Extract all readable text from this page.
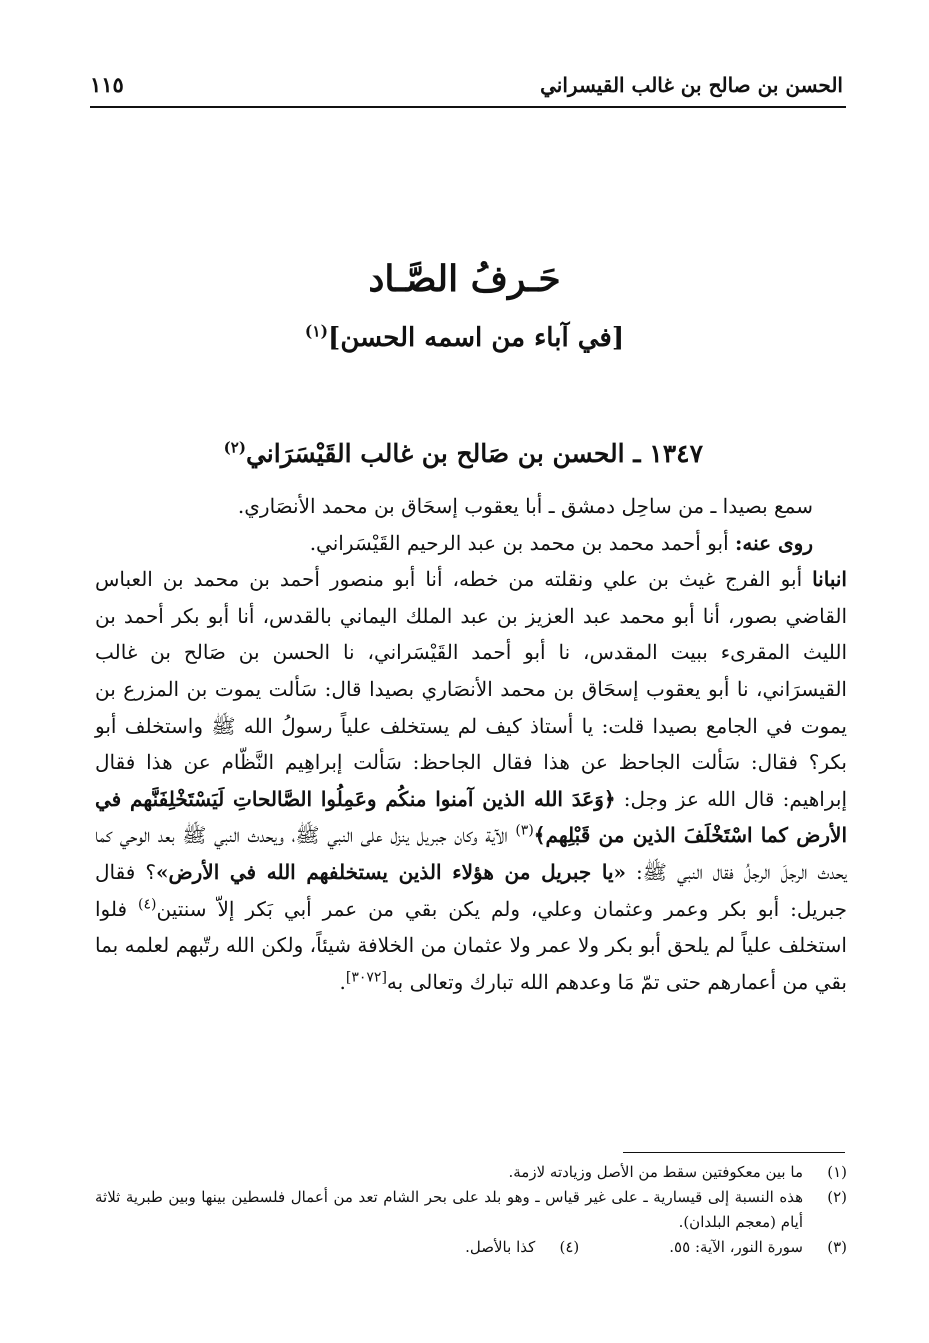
الحسن بن صالح بن غالب القيسراني
١١٥
حَـرفُ الصَّـاد
[في آباء من اسمه الحسن]$^{(١)}$
١٣٤٧ ـ الحسن بن صَالح بن غالب القَيْسَرَاني$^{(٢)}$

سمع بصيدا ـ من ساحِل دمشق ـ أبا يعقوب إسحَاق بن محمد الأنصَاري.

روى عنه: أبو أحمد محمد بن محمد بن عبد الرحيم القَيْسَراني.

انبانا أبو الفرج غيث بن علي ونقلته من خطه، أنا أبو منصور أحمد بن محمد بن العباس القاضي بصور، أنا أبو محمد عبد العزيز بن عبد الملك اليماني بالقدس، أنا أبو بكر أحمد بن الليث المقرىء ببيت المقدس، نا أبو أحمد القَيْسَراني، نا الحسن بن صَالح بن غالب القيسرَاني، نا أبو يعقوب إسحَاق بن محمد الأنصَاري بصيدا قال: سَألت يموت بن المزرع بن يموت في الجامع بصيدا قلت: يا أستاذ كيف لم يستخلف علياً رسولُ الله ﷺ واستخلف أبو بكر؟ فقال: سَألت الجاحظ عن هذا فقال الجاحظ: سَألت إبراهِيم النَّظّام عن هذا فقال إبراهيم: قال الله عز وجل: ﴿وَعَدَ الله الذين آمنوا منكُم وعَمِلُوا الصَّالحاتِ لَيَسْتَخْلِفَنَّهم في الأرض كما اسْتَخْلَفَ الذين من قَبْلِهم﴾$^{(٣)}$ الآية وكان جبريل ينزل على النبي ﷺ، ويحدث النبي ﷺ بعد الوحي كما يحدث الرجلَ الرجلُ فقال النبي ﷺ: «يا جبريل من هؤلاء الذين يستخلفهم الله في الأرض»؟ فقال جبريل: أبو بكر وعمر وعثمان وعلي، ولم يكن بقي من عمر أبي بَكر إلاّ سنتين$^{(٤)}$ فلوا استخلف علياً لم يلحق أبو بكر ولا عمر ولا عثمان من الخلافة شيئاً، ولكن الله رتّبهم لعلمه بما بقي من أعمارهم حتى تمّ مَا وعدهم الله تبارك وتعالى به[٣٠٧٢].

(١)
ما بين معكوفتين سقط من الأصل وزيادته لازمة.
(٢)
هذه النسبة إلى قيسارية ـ على غير قياس ـ وهو بلد على بحر الشام تعد من أعمال فلسطين بينها وبين طبرية ثلاثة أيام (معجم البلدان).
(٣)
سورة النور، الآية: ٥٥.
(٤)
كذا بالأصل.
